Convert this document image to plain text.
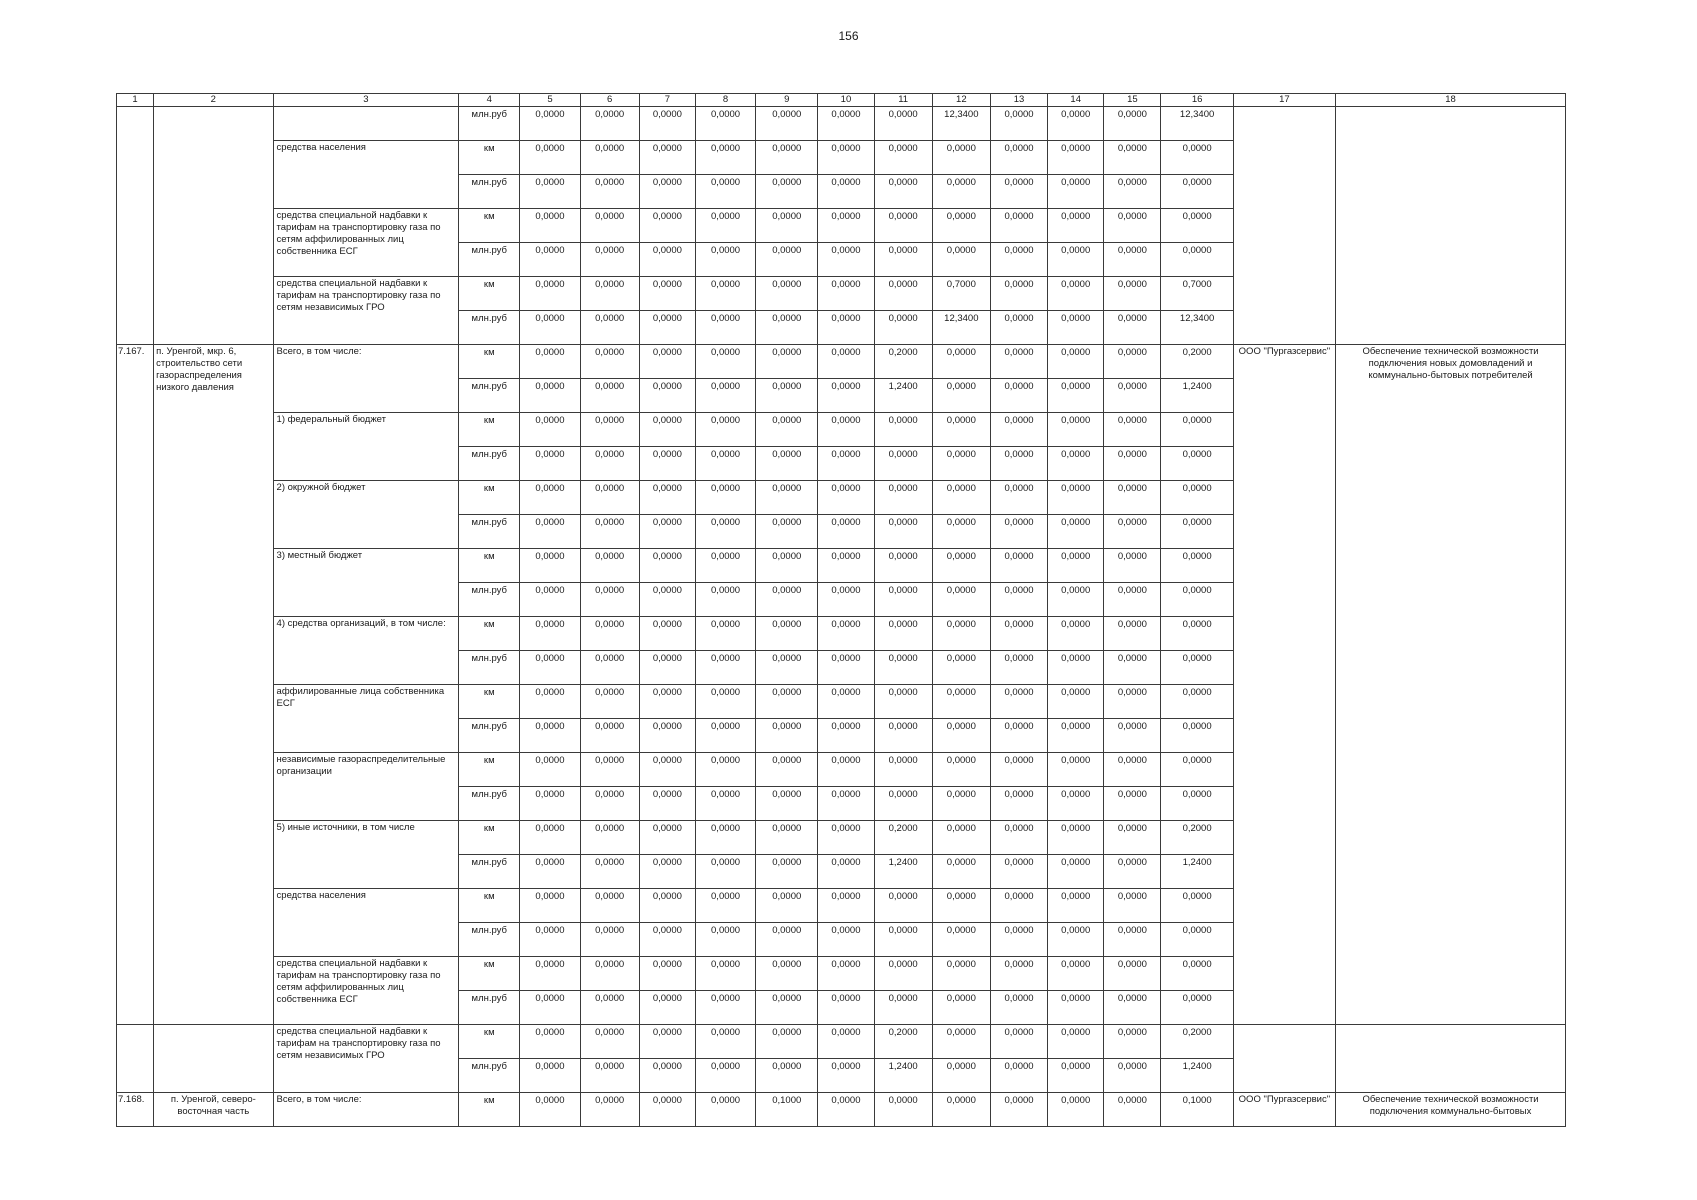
156
1	2	3	4	5	6	7	8	9	10	11	12	13	14	15	16	17	18
			млн.руб	0,0000	0,0000	0,0000	0,0000	0,0000	0,0000	0,0000	12,3400	0,0000	0,0000	0,0000	12,3400		
		средства населения	км	0,0000	0,0000	0,0000	0,0000	0,0000	0,0000	0,0000	0,0000	0,0000	0,0000	0,0000	0,0000		
			млн.руб	0,0000	0,0000	0,0000	0,0000	0,0000	0,0000	0,0000	0,0000	0,0000	0,0000	0,0000	0,0000		
		средства специальной надбавки к тарифам на транспортировку газа по сетям аффилированных лиц собственника ЕСГ	км	0,0000	0,0000	0,0000	0,0000	0,0000	0,0000	0,0000	0,0000	0,0000	0,0000	0,0000	0,0000		
			млн.руб	0,0000	0,0000	0,0000	0,0000	0,0000	0,0000	0,0000	0,0000	0,0000	0,0000	0,0000	0,0000		
		средства специальной надбавки к тарифам на транспортировку газа по сетям независимых ГРО	км	0,0000	0,0000	0,0000	0,0000	0,0000	0,0000	0,0000	0,7000	0,0000	0,0000	0,0000	0,7000		
			млн.руб	0,0000	0,0000	0,0000	0,0000	0,0000	0,0000	0,0000	12,3400	0,0000	0,0000	0,0000	12,3400		
7.167.	п. Уренгой, мкр. 6, строительство сети газораспределения низкого давления	Всего, в том числе:	км	0,0000	0,0000	0,0000	0,0000	0,0000	0,0000	0,2000	0,0000	0,0000	0,0000	0,0000	0,2000	ООО "Пургазсервис"	Обеспечение технической возможности подключения новых домовладений и коммунально-бытовых потребителей
			млн.руб	0,0000	0,0000	0,0000	0,0000	0,0000	0,0000	1,2400	0,0000	0,0000	0,0000	0,0000	1,2400		
		1) федеральный бюджет	км	0,0000	0,0000	0,0000	0,0000	0,0000	0,0000	0,0000	0,0000	0,0000	0,0000	0,0000	0,0000		
			млн.руб	0,0000	0,0000	0,0000	0,0000	0,0000	0,0000	0,0000	0,0000	0,0000	0,0000	0,0000	0,0000		
		2) окружной бюджет	км	0,0000	0,0000	0,0000	0,0000	0,0000	0,0000	0,0000	0,0000	0,0000	0,0000	0,0000	0,0000		
			млн.руб	0,0000	0,0000	0,0000	0,0000	0,0000	0,0000	0,0000	0,0000	0,0000	0,0000	0,0000	0,0000		
		3) местный бюджет	км	0,0000	0,0000	0,0000	0,0000	0,0000	0,0000	0,0000	0,0000	0,0000	0,0000	0,0000	0,0000		
			млн.руб	0,0000	0,0000	0,0000	0,0000	0,0000	0,0000	0,0000	0,0000	0,0000	0,0000	0,0000	0,0000		
		4) средства организаций, в том числе:	км	0,0000	0,0000	0,0000	0,0000	0,0000	0,0000	0,0000	0,0000	0,0000	0,0000	0,0000	0,0000		
			млн.руб	0,0000	0,0000	0,0000	0,0000	0,0000	0,0000	0,0000	0,0000	0,0000	0,0000	0,0000	0,0000		
		аффилированные лица собственника ЕСГ	км	0,0000	0,0000	0,0000	0,0000	0,0000	0,0000	0,0000	0,0000	0,0000	0,0000	0,0000	0,0000		
			млн.руб	0,0000	0,0000	0,0000	0,0000	0,0000	0,0000	0,0000	0,0000	0,0000	0,0000	0,0000	0,0000		
		независимые газораспределительные организации	км	0,0000	0,0000	0,0000	0,0000	0,0000	0,0000	0,0000	0,0000	0,0000	0,0000	0,0000	0,0000		
			млн.руб	0,0000	0,0000	0,0000	0,0000	0,0000	0,0000	0,0000	0,0000	0,0000	0,0000	0,0000	0,0000		
		5) иные источники, в том числе	км	0,0000	0,0000	0,0000	0,0000	0,0000	0,0000	0,2000	0,0000	0,0000	0,0000	0,0000	0,2000		
			млн.руб	0,0000	0,0000	0,0000	0,0000	0,0000	0,0000	1,2400	0,0000	0,0000	0,0000	0,0000	1,2400		
		средства населения	км	0,0000	0,0000	0,0000	0,0000	0,0000	0,0000	0,0000	0,0000	0,0000	0,0000	0,0000	0,0000		
			млн.руб	0,0000	0,0000	0,0000	0,0000	0,0000	0,0000	0,0000	0,0000	0,0000	0,0000	0,0000	0,0000		
		средства специальной надбавки к тарифам на транспортировку газа по сетям аффилированных лиц собственника ЕСГ	км	0,0000	0,0000	0,0000	0,0000	0,0000	0,0000	0,0000	0,0000	0,0000	0,0000	0,0000	0,0000		
			млн.руб	0,0000	0,0000	0,0000	0,0000	0,0000	0,0000	0,0000	0,0000	0,0000	0,0000	0,0000	0,0000		
		средства специальной надбавки к тарифам на транспортировку газа по сетям независимых ГРО	км	0,0000	0,0000	0,0000	0,0000	0,0000	0,0000	0,2000	0,0000	0,0000	0,0000	0,0000	0,2000		
			млн.руб	0,0000	0,0000	0,0000	0,0000	0,0000	0,0000	1,2400	0,0000	0,0000	0,0000	0,0000	1,2400		
7.168.	п. Уренгой, северо-восточная часть	Всего, в том числе:	км	0,0000	0,0000	0,0000	0,0000	0,1000	0,0000	0,0000	0,0000	0,0000	0,0000	0,0000	0,1000	ООО "Пургазсервис"	Обеспечение технической возможности подключения коммунально-бытовых
